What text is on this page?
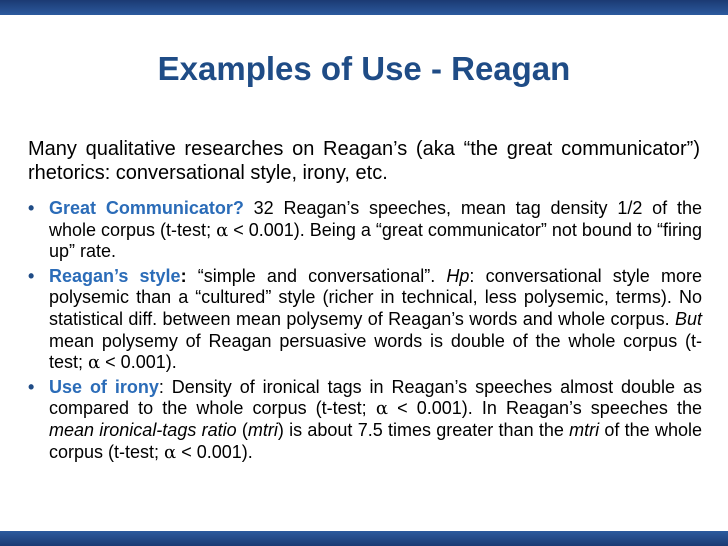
Examples of Use - Reagan

Many qualitative researches on Reagan’s (aka “the great communicator”) rhetorics: conversational style, irony, etc.

• Great Communicator? 32 Reagan’s speeches, mean tag density 1/2 of the whole corpus (t-test; α < 0.001). Being a “great communicator” not bound to “firing up” rate.
• Reagan’s style: “simple and conversational”. Hp: conversational style more polysemic than a “cultured” style (richer in technical, less polysemic, terms). No statistical diff. between mean polysemy of Reagan’s words and whole corpus. But mean polysemy of Reagan persuasive words is double of the whole corpus (t-test; α < 0.001).
• Use of irony: Density of ironical tags in Reagan’s speeches almost double as compared to the whole corpus (t-test; α < 0.001). In Reagan’s speeches the mean ironical-tags ratio (mtri) is about 7.5 times greater than the mtri of the whole corpus (t-test; α < 0.001).
